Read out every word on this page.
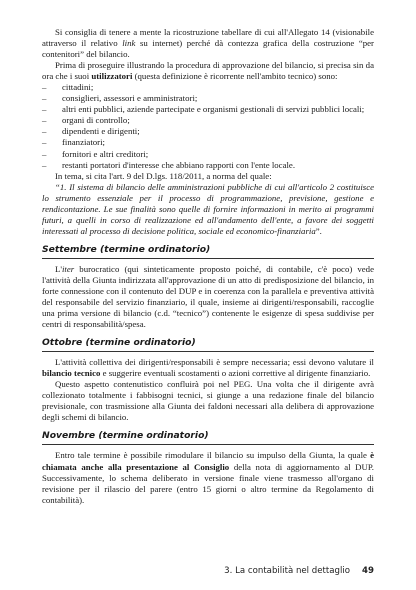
Si consiglia di tenere a mente la ricostruzione tabellare di cui all'Allegato 14 (visionabile attraverso il relativo link su internet) perché dà contezza grafica della costruzione “per contenitori” del bilancio.

Prima di proseguire illustrando la procedura di approvazione del bilancio, si precisa sin da ora che i suoi utilizzatori (questa definizione è ricorrente nell'ambito tecnico) sono:

– cittadini;
– consiglieri, assessori e amministratori;
– altri enti pubblici, aziende partecipate e organismi gestionali di servizi pubblici locali;
– organi di controllo;
– dipendenti e dirigenti;
– finanziatori;
– fornitori e altri creditori;
– restanti portatori d'interesse che abbiano rapporti con l'ente locale.

In tema, si cita l'art. 9 del D.lgs. 118/2011, a norma del quale:

“1. Il sistema di bilancio delle amministrazioni pubbliche di cui all'articolo 2 costituisce lo strumento essenziale per il processo di programmazione, previsione, gestione e rendicontazione. Le sue finalità sono quelle di fornire informazioni in merito ai programmi futuri, a quelli in corso di realizzazione ed all'andamento dell'ente, a favore dei soggetti interessati al processo di decisione politica, sociale ed economico-finanziaria”.

Settembre (termine ordinatorio)

L'iter burocratico (qui sinteticamente proposto poiché, di contabile, c'è poco) vede l'attività della Giunta indirizzata all'approvazione di un atto di predisposizione del bilancio, in forte connessione con il contenuto del DUP e in coerenza con la parallela e preventiva attività del responsabile del servizio finanziario, il quale, insieme ai dirigenti/responsabili, raccoglie una prima versione di bilancio (c.d. “tecnico”) contenente le esigenze di spesa suddivise per centri di responsabilità/spesa.

Ottobre (termine ordinatorio)

L'attività collettiva dei dirigenti/responsabili è sempre necessaria; essi devono valutare il bilancio tecnico e suggerire eventuali scostamenti o azioni correttive al dirigente finanziario.

Questo aspetto contenutistico confluirà poi nel PEG. Una volta che il dirigente avrà collezionato totalmente i fabbisogni tecnici, si giunge a una redazione finale del bilancio previsionale, con trasmissione alla Giunta dei faldoni necessari alla delibera di approvazione degli schemi di bilancio.

Novembre (termine ordinatorio)

Entro tale termine è possibile rimodulare il bilancio su impulso della Giunta, la quale è chiamata anche alla presentazione al Consiglio della nota di aggiornamento al DUP. Successivamente, lo schema deliberato in versione finale viene trasmesso all'organo di revisione per il rilascio del parere (entro 15 giorni o altro termine da Regolamento di contabilità).

3. La contabilità nel dettaglio 49
